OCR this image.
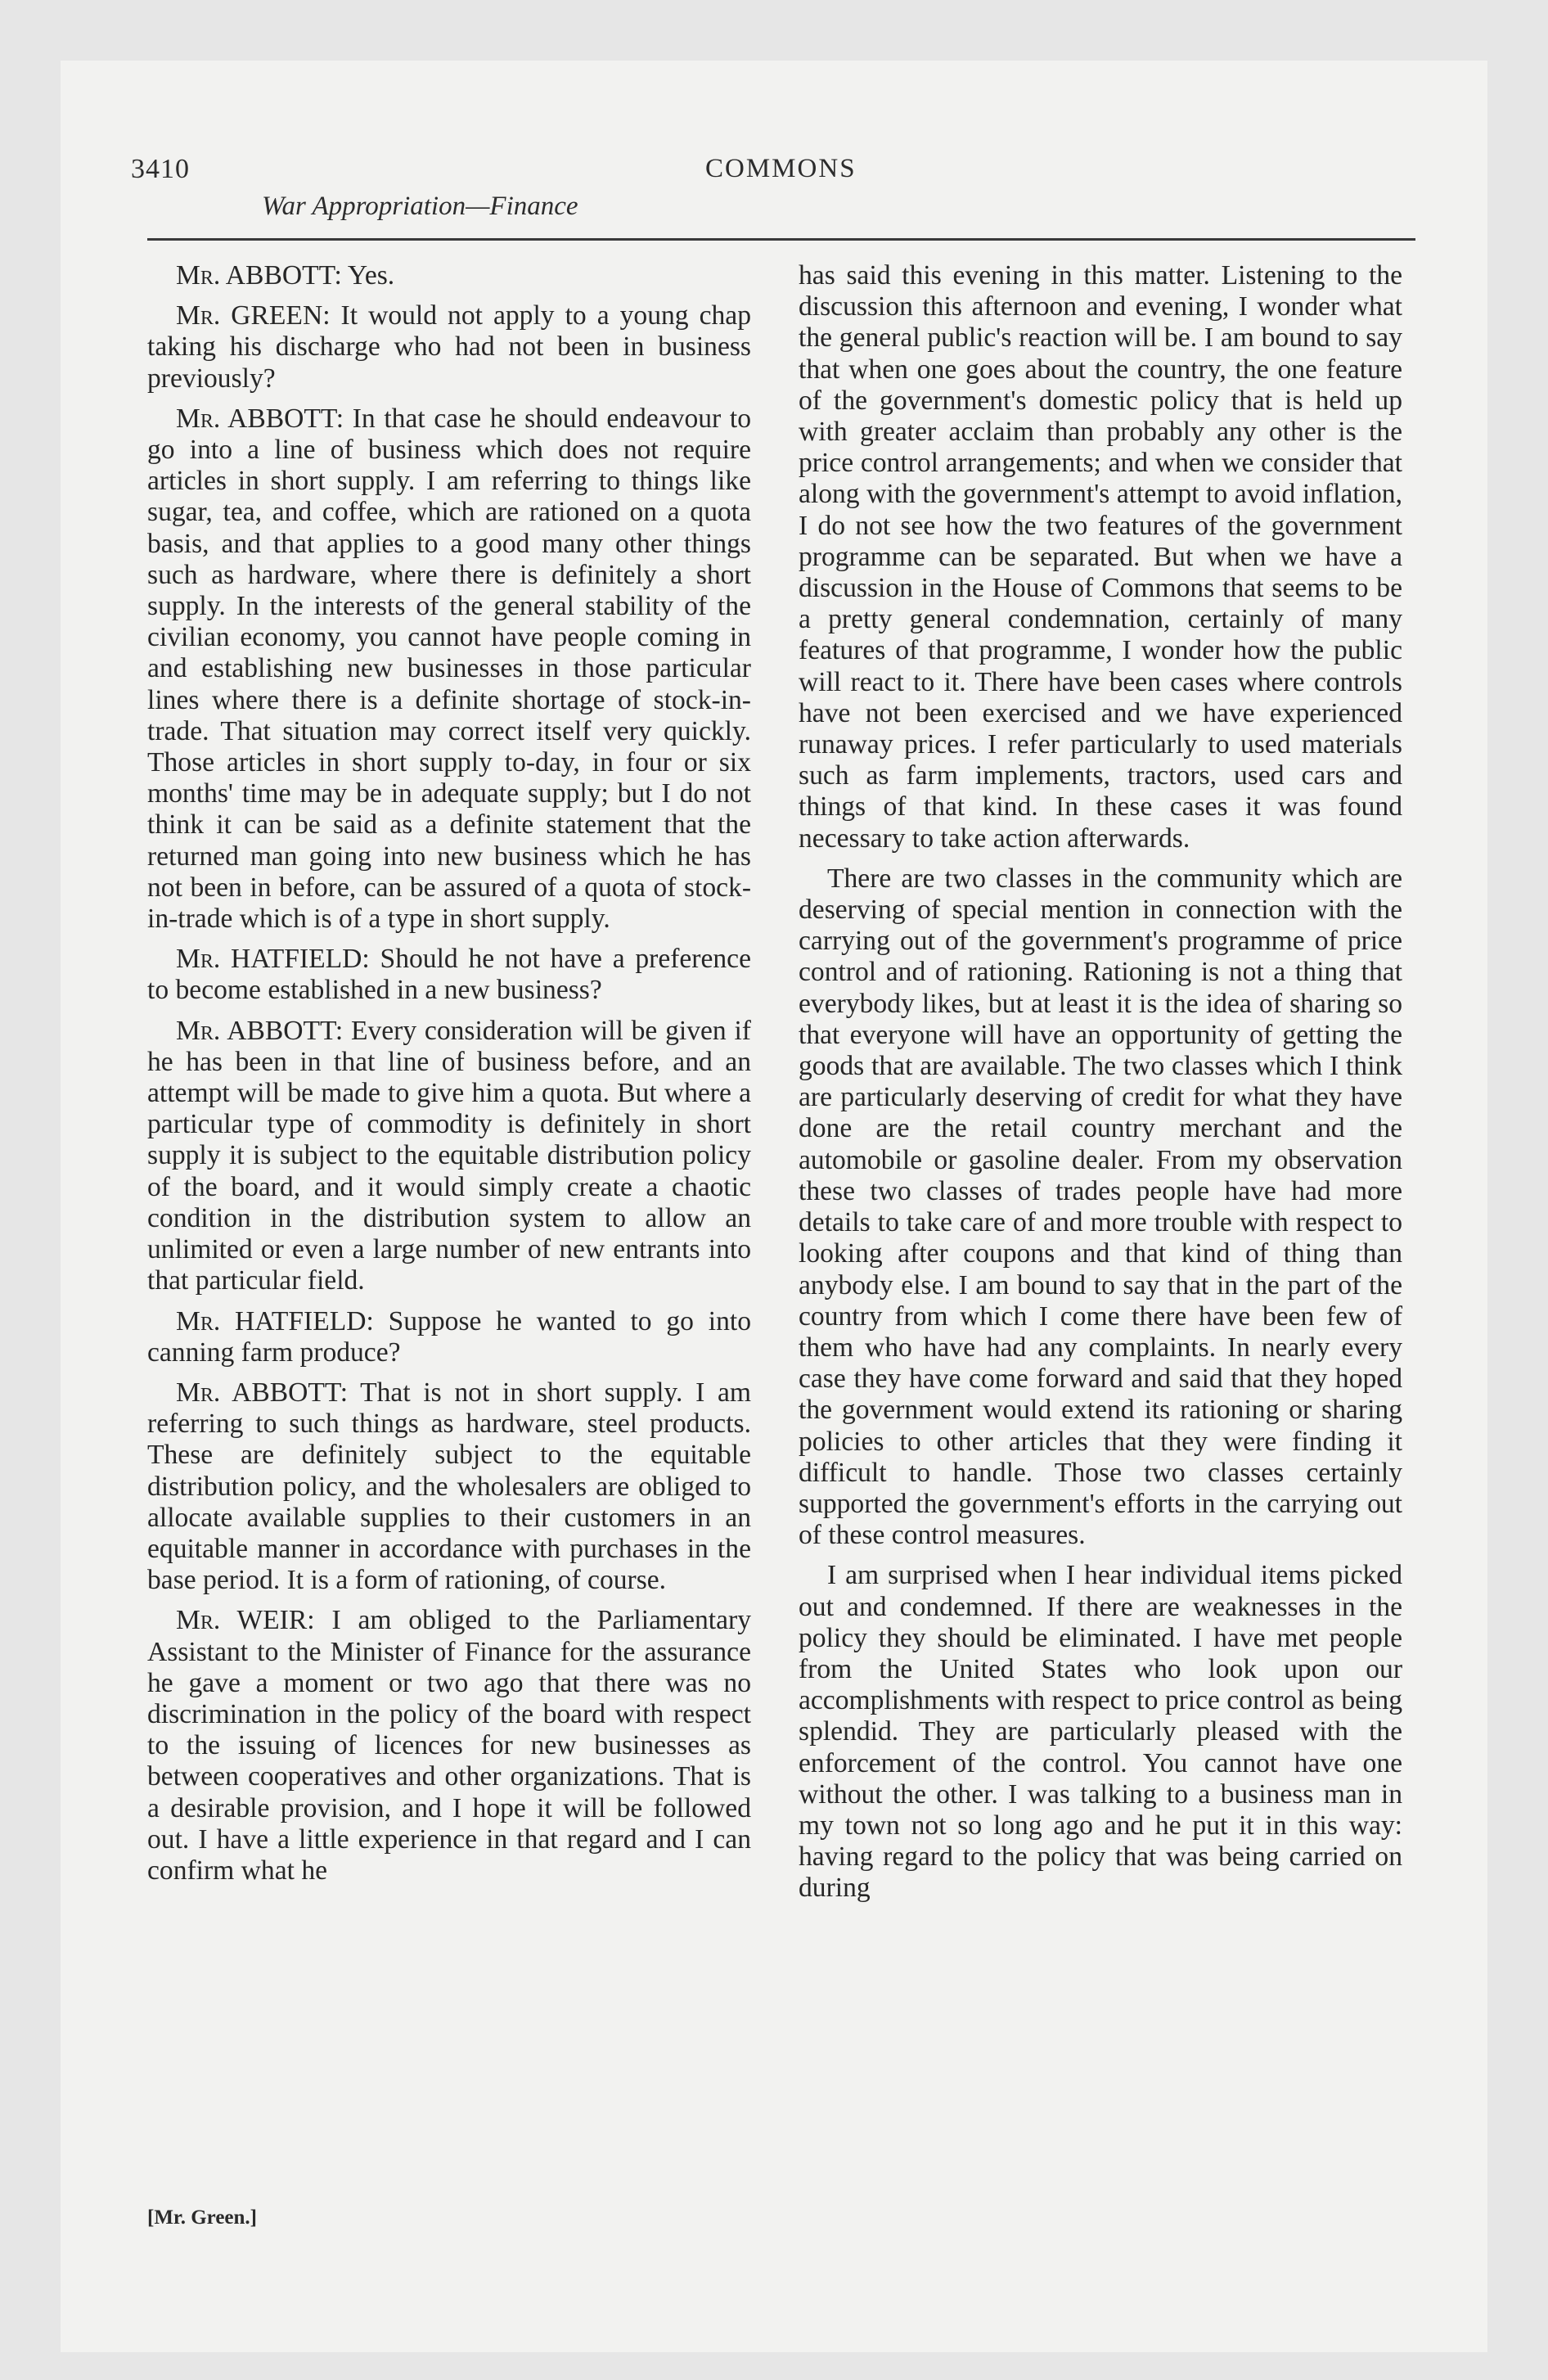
3410
War Appropriation—Finance
COMMONS

Mr. ABBOTT: Yes.

Mr. GREEN: It would not apply to a young chap taking his discharge who had not been in business previously?

Mr. ABBOTT: In that case he should endeavour to go into a line of business which does not require articles in short supply. I am referring to things like sugar, tea, and coffee, which are rationed on a quota basis, and that applies to a good many other things such as hardware, where there is definitely a short supply. In the interests of the general stability of the civilian economy, you cannot have people coming in and establishing new businesses in those particular lines where there is a definite shortage of stock-in-trade. That situation may correct itself very quickly. Those articles in short supply to-day, in four or six months' time may be in adequate supply; but I do not think it can be said as a definite statement that the returned man going into new business which he has not been in before, can be assured of a quota of stock-in-trade which is of a type in short supply.

Mr. HATFIELD: Should he not have a preference to become established in a new business?

Mr. ABBOTT: Every consideration will be given if he has been in that line of business before, and an attempt will be made to give him a quota. But where a particular type of commodity is definitely in short supply it is subject to the equitable distribution policy of the board, and it would simply create a chaotic condition in the distribution system to allow an unlimited or even a large number of new entrants into that particular field.

Mr. HATFIELD: Suppose he wanted to go into canning farm produce?

Mr. ABBOTT: That is not in short supply. I am referring to such things as hardware, steel products. These are definitely subject to the equitable distribution policy, and the wholesalers are obliged to allocate available supplies to their customers in an equitable manner in accordance with purchases in the base period. It is a form of rationing, of course.

Mr. WEIR: I am obliged to the Parliamentary Assistant to the Minister of Finance for the assurance he gave a moment or two ago that there was no discrimination in the policy of the board with respect to the issuing of licences for new businesses as between cooperatives and other organizations. That is a desirable provision, and I hope it will be followed out. I have a little experience in that regard and I can confirm what he

has said this evening in this matter. Listening to the discussion this afternoon and evening, I wonder what the general public's reaction will be. I am bound to say that when one goes about the country, the one feature of the government's domestic policy that is held up with greater acclaim than probably any other is the price control arrangements; and when we consider that along with the government's attempt to avoid inflation, I do not see how the two features of the government programme can be separated. But when we have a discussion in the House of Commons that seems to be a pretty general condemnation, certainly of many features of that programme, I wonder how the public will react to it. There have been cases where controls have not been exercised and we have experienced runaway prices. I refer particularly to used materials such as farm implements, tractors, used cars and things of that kind. In these cases it was found necessary to take action afterwards.

There are two classes in the community which are deserving of special mention in connection with the carrying out of the government's programme of price control and of rationing. Rationing is not a thing that everybody likes, but at least it is the idea of sharing so that everyone will have an opportunity of getting the goods that are available. The two classes which I think are particularly deserving of credit for what they have done are the retail country merchant and the automobile or gasoline dealer. From my observation these two classes of trades people have had more details to take care of and more trouble with respect to looking after coupons and that kind of thing than anybody else. I am bound to say that in the part of the country from which I come there have been few of them who have had any complaints. In nearly every case they have come forward and said that they hoped the government would extend its rationing or sharing policies to other articles that they were finding it difficult to handle. Those two classes certainly supported the government's efforts in the carrying out of these control measures.

I am surprised when I hear individual items picked out and condemned. If there are weaknesses in the policy they should be eliminated. I have met people from the United States who look upon our accomplishments with respect to price control as being splendid. They are particularly pleased with the enforcement of the control. You cannot have one without the other. I was talking to a business man in my town not so long ago and he put it in this way: having regard to the policy that was being carried on during

[Mr. Green.]
